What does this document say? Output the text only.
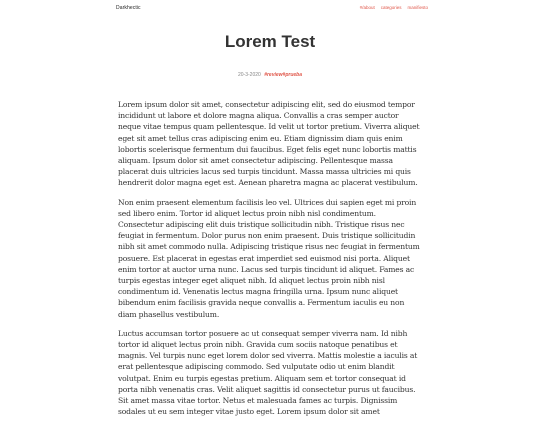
Darkhectic	#/about categories manifiesto
Lorem Test
20-3-2020 #review#prueba

Lorem ipsum dolor sit amet, consectetur adipiscing elit, sed do eiusmod tempor incididunt ut labore et dolore magna aliqua. Convallis a cras semper auctor neque vitae tempus quam pellentesque. Id velit ut tortor pretium. Viverra aliquet eget sit amet tellus cras adipiscing enim eu. Etiam dignissim diam quis enim lobortis scelerisque fermentum dui faucibus. Eget felis eget nunc lobortis mattis aliquam. Ipsum dolor sit amet consectetur adipiscing. Pellentesque massa placerat duis ultricies lacus sed turpis tincidunt. Massa massa ultricies mi quis hendrerit dolor magna eget est. Aenean pharetra magna ac placerat vestibulum.

Non enim praesent elementum facilisis leo vel. Ultrices dui sapien eget mi proin sed libero enim. Tortor id aliquet lectus proin nibh nisl condimentum. Consectetur adipiscing elit duis tristique sollicitudin nibh. Tristique risus nec feugiat in fermentum. Dolor purus non enim praesent. Duis tristique sollicitudin nibh sit amet commodo nulla. Adipiscing tristique risus nec feugiat in fermentum posuere. Est placerat in egestas erat imperdiet sed euismod nisi porta. Aliquet enim tortor at auctor urna nunc. Lacus sed turpis tincidunt id aliquet. Fames ac turpis egestas integer eget aliquet nibh. Id aliquet lectus proin nibh nisl condimentum id. Venenatis lectus magna fringilla urna. Ipsum nunc aliquet bibendum enim facilisis gravida neque convallis a. Fermentum iaculis eu non diam phasellus vestibulum.

Luctus accumsan tortor posuere ac ut consequat semper viverra nam. Id nibh tortor id aliquet lectus proin nibh. Gravida cum sociis natoque penatibus et magnis. Vel turpis nunc eget lorem dolor sed viverra. Mattis molestie a iaculis at erat pellentesque adipiscing commodo. Sed vulputate odio ut enim blandit volutpat. Enim eu turpis egestas pretium. Aliquam sem et tortor consequat id porta nibh venenatis cras. Velit aliquet sagittis id consectetur purus ut faucibus. Sit amet massa vitae tortor. Netus et malesuada fames ac turpis. Dignissim sodales ut eu sem integer vitae justo eget. Lorem ipsum dolor sit amet
